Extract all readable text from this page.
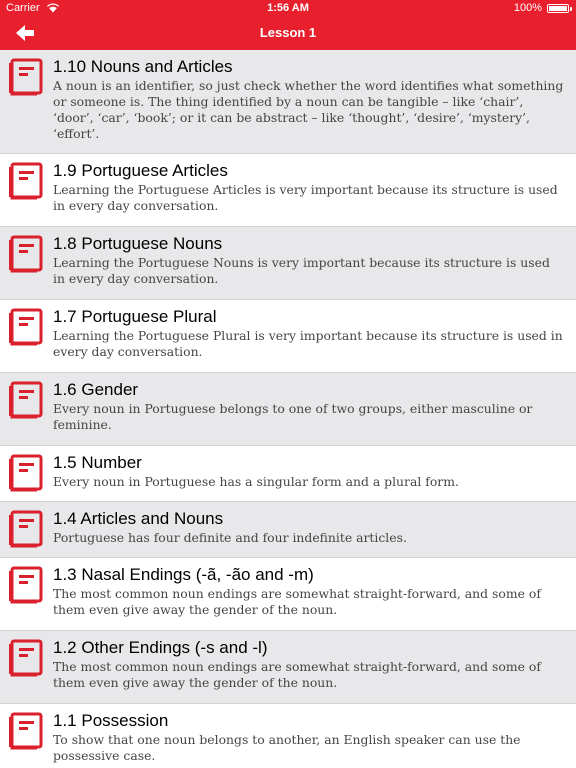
Carrier	1:56 AM	100%
Lesson 1
1.10 Nouns and Articles
A noun is an identifier, so just check whether the word identifies what something or someone is. The thing identified by a noun can be tangible – like ‘chair’, ‘door’, ‘car’, ‘book’; or it can be abstract – like ‘thought’, ‘desire’, ‘mystery’, ‘effort’.
1.9 Portuguese Articles
Learning the Portuguese Articles is very important because its structure is used in every day conversation.
1.8 Portuguese Nouns
Learning the Portuguese Nouns is very important because its structure is used in every day conversation.
1.7 Portuguese Plural
Learning the Portuguese Plural is very important because its structure is used in every day conversation.
1.6 Gender
Every noun in Portuguese belongs to one of two groups, either masculine or feminine.
1.5 Number
Every noun in Portuguese has a singular form and a plural form.
1.4 Articles and Nouns
Portuguese has four definite and four indefinite articles.
1.3 Nasal Endings (-ã, -ão and -m)
The most common noun endings are somewhat straight-forward, and some of them even give away the gender of the noun.
1.2 Other Endings (-s and -l)
The most common noun endings are somewhat straight-forward, and some of them even give away the gender of the noun.
1.1 Possession
To show that one noun belongs to another, an English speaker can use the possessive case.
